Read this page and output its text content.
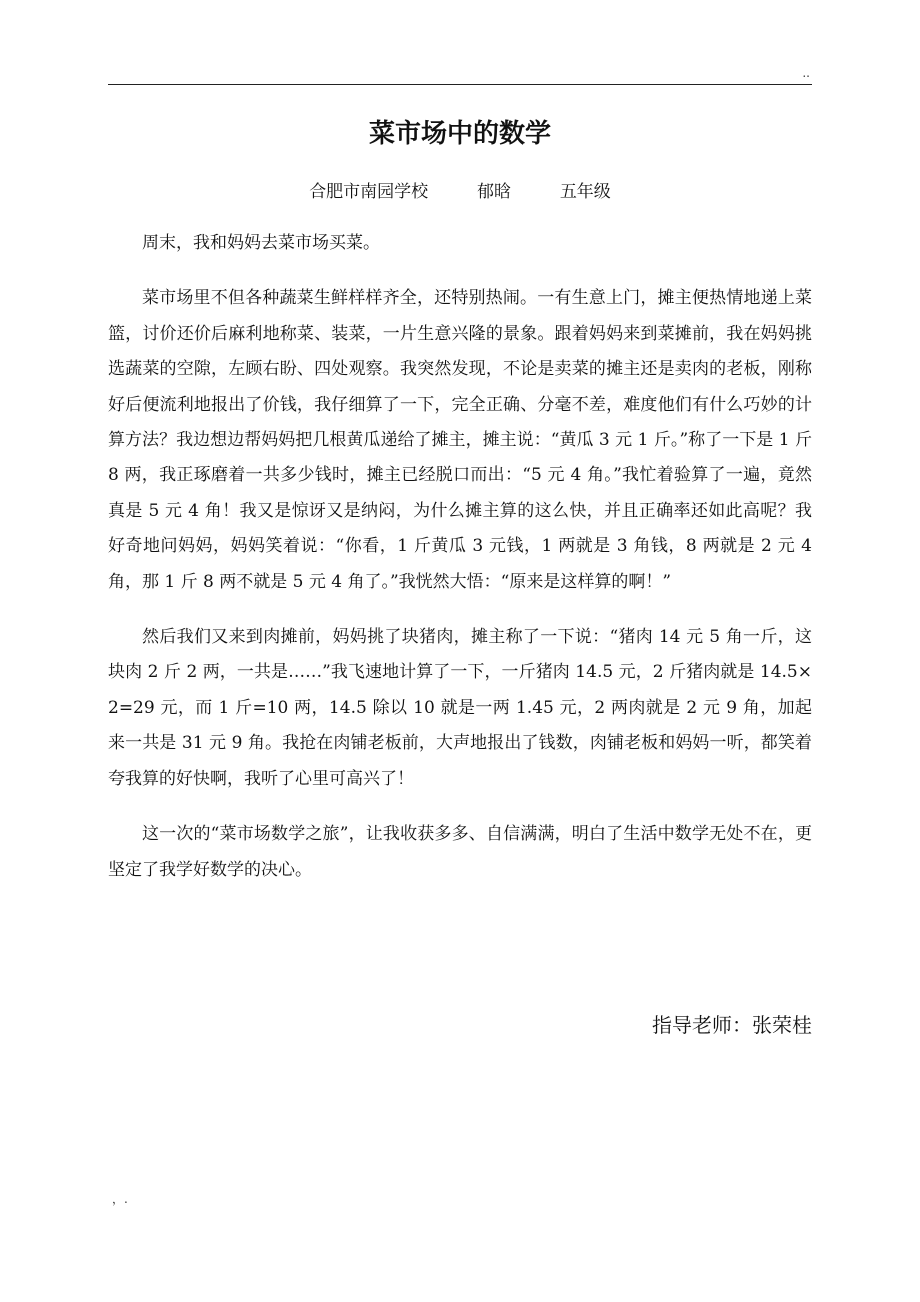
..
菜市场中的数学
合肥市南园学校	郁晗	五年级

周末，我和妈妈去菜市场买菜。

菜市场里不但各种蔬菜生鲜样样齐全，还特别热闹。一有生意上门，摊主便热情地递上菜篮，讨价还价后麻利地称菜、装菜，一片生意兴隆的景象。跟着妈妈来到菜摊前，我在妈妈挑选蔬菜的空隙，左顾右盼、四处观察。我突然发现，不论是卖菜的摊主还是卖肉的老板，刚称好后便流利地报出了价钱，我仔细算了一下，完全正确、分毫不差，难度他们有什么巧妙的计算方法？我边想边帮妈妈把几根黄瓜递给了摊主，摊主说：“黄瓜 3 元 1 斤。”称了一下是 1 斤 8 两，我正琢磨着一共多少钱时，摊主已经脱口而出：“5 元 4 角。”我忙着验算了一遍，竟然真是 5 元 4 角！我又是惊讶又是纳闷，为什么摊主算的这么快，并且正确率还如此高呢？我好奇地问妈妈，妈妈笑着说：“你看，1 斤黄瓜 3 元钱，1 两就是 3 角钱，8 两就是 2 元 4 角，那 1 斤 8 两不就是 5 元 4 角了。”我恍然大悟：“原来是这样算的啊！”

然后我们又来到肉摊前，妈妈挑了块猪肉，摊主称了一下说：“猪肉 14 元 5 角一斤，这块肉 2 斤 2 两，一共是……”我飞速地计算了一下，一斤猪肉 14.5 元，2 斤猪肉就是 14.5×2=29 元，而 1 斤=10 两，14.5 除以 10 就是一两 1.45 元，2 两肉就是 2 元 9 角，加起来一共是 31 元 9 角。我抢在肉铺老板前，大声地报出了钱数，肉铺老板和妈妈一听，都笑着夸我算的好快啊，我听了心里可高兴了！

这一次的“菜市场数学之旅”，让我收获多多、自信满满，明白了生活中数学无处不在，更坚定了我学好数学的决心。

指导老师：张荣桂
，.
